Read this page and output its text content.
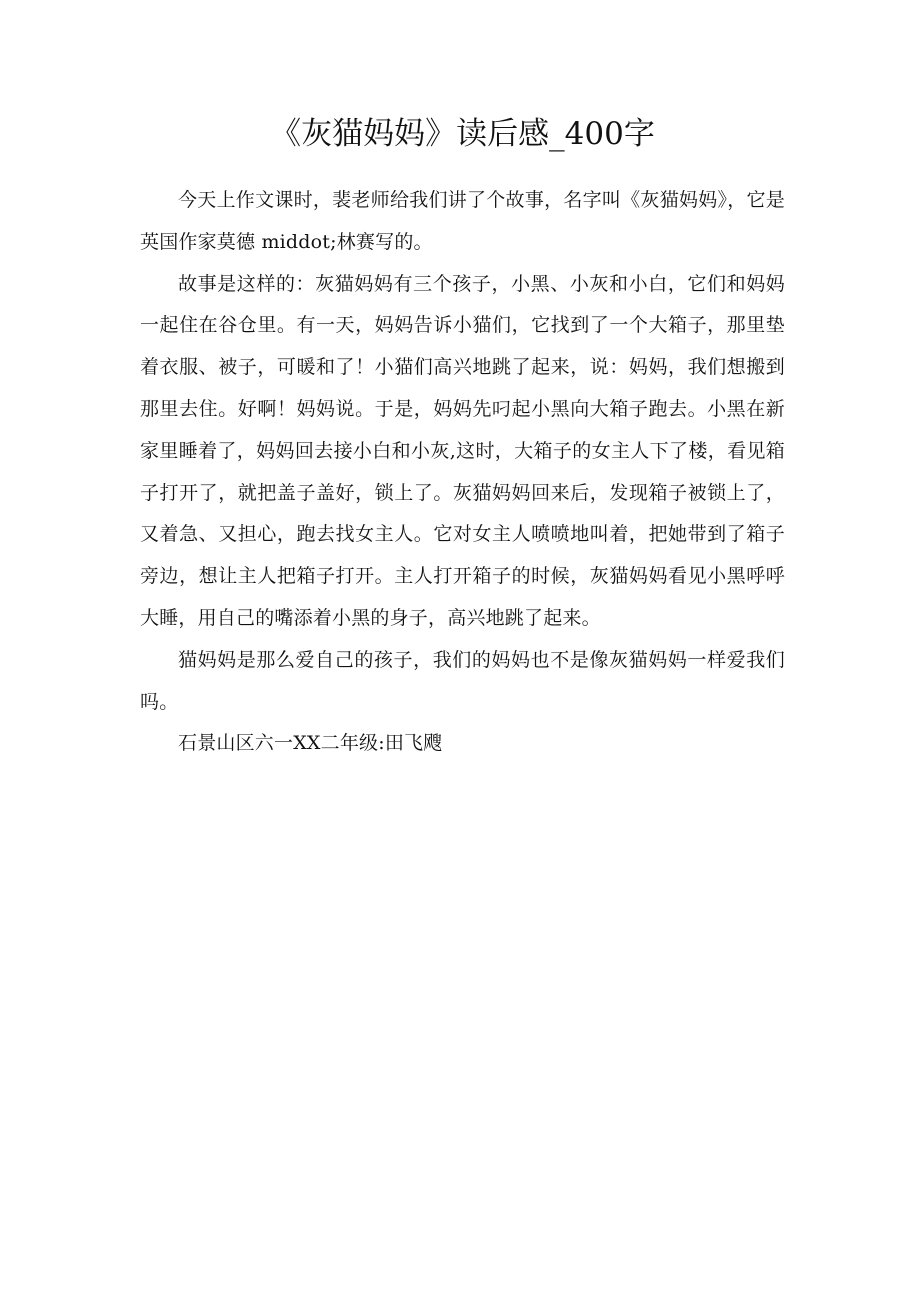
《灰猫妈妈》读后感_400字

今天上作文课时，裴老师给我们讲了个故事，名字叫《灰猫妈妈》，它是英国作家莫德 middot;林赛写的。

故事是这样的：灰猫妈妈有三个孩子，小黑、小灰和小白，它们和妈妈一起住在谷仓里。有一天，妈妈告诉小猫们，它找到了一个大箱子，那里垫着衣服、被子，可暖和了！小猫们高兴地跳了起来，说：妈妈，我们想搬到那里去住。好啊！妈妈说。于是，妈妈先叼起小黑向大箱子跑去。小黑在新家里睡着了，妈妈回去接小白和小灰,这时，大箱子的女主人下了楼，看见箱子打开了，就把盖子盖好，锁上了。灰猫妈妈回来后，发现箱子被锁上了，又着急、又担心，跑去找女主人。它对女主人喷喷地叫着，把她带到了箱子旁边，想让主人把箱子打开。主人打开箱子的时候，灰猫妈妈看见小黑呼呼大睡，用自己的嘴添着小黑的身子，高兴地跳了起来。

猫妈妈是那么爱自己的孩子，我们的妈妈也不是像灰猫妈妈一样爱我们吗。

石景山区六一XX二年级:田飞飕
